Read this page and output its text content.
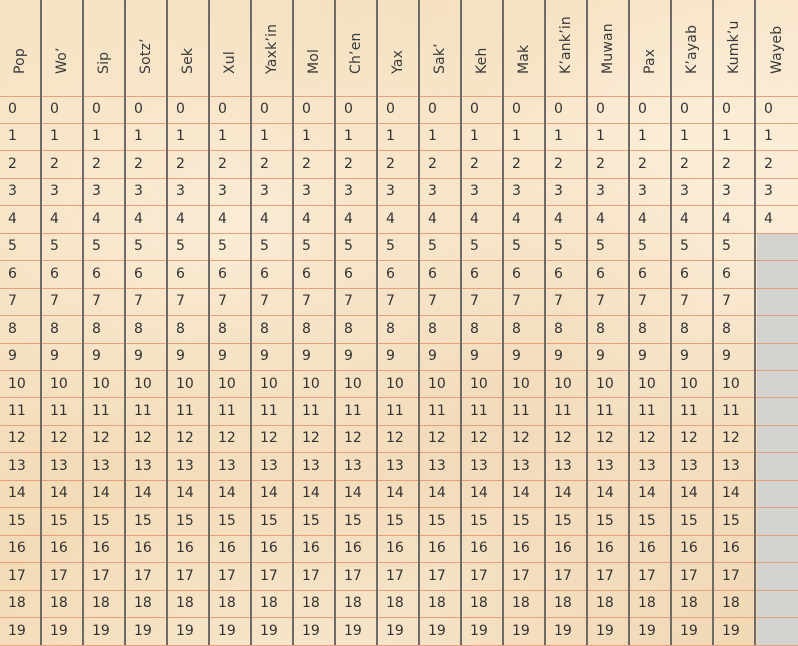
Pop
0
1
2
3
4
5
6
7
8
9
10
11
12
13
14
15
16
17
18
19
Wo’
0
1
2
3
4
5
6
7
8
9
10
11
12
13
14
15
16
17
18
19
Sip
0
1
2
3
4
5
6
7
8
9
10
11
12
13
14
15
16
17
18
19
Sotz’
0
1
2
3
4
5
6
7
8
9
10
11
12
13
14
15
16
17
18
19
Sek
0
1
2
3
4
5
6
7
8
9
10
11
12
13
14
15
16
17
18
19
Xul
0
1
2
3
4
5
6
7
8
9
10
11
12
13
14
15
16
17
18
19
Yaxk’in
0
1
2
3
4
5
6
7
8
9
10
11
12
13
14
15
16
17
18
19
Mol
0
1
2
3
4
5
6
7
8
9
10
11
12
13
14
15
16
17
18
19
Ch’en
0
1
2
3
4
5
6
7
8
9
10
11
12
13
14
15
16
17
18
19
Yax
0
1
2
3
4
5
6
7
8
9
10
11
12
13
14
15
16
17
18
19
Sak’
0
1
2
3
4
5
6
7
8
9
10
11
12
13
14
15
16
17
18
19
Keh
0
1
2
3
4
5
6
7
8
9
10
11
12
13
14
15
16
17
18
19
Mak
0
1
2
3
4
5
6
7
8
9
10
11
12
13
14
15
16
17
18
19
K’ank’in
0
1
2
3
4
5
6
7
8
9
10
11
12
13
14
15
16
17
18
19
Muwan
0
1
2
3
4
5
6
7
8
9
10
11
12
13
14
15
16
17
18
19
Pax
0
1
2
3
4
5
6
7
8
9
10
11
12
13
14
15
16
17
18
19
K’ayab
0
1
2
3
4
5
6
7
8
9
10
11
12
13
14
15
16
17
18
19
Kumk’u
0
1
2
3
4
5
6
7
8
9
10
11
12
13
14
15
16
17
18
19
Wayeb
0
1
2
3
4
